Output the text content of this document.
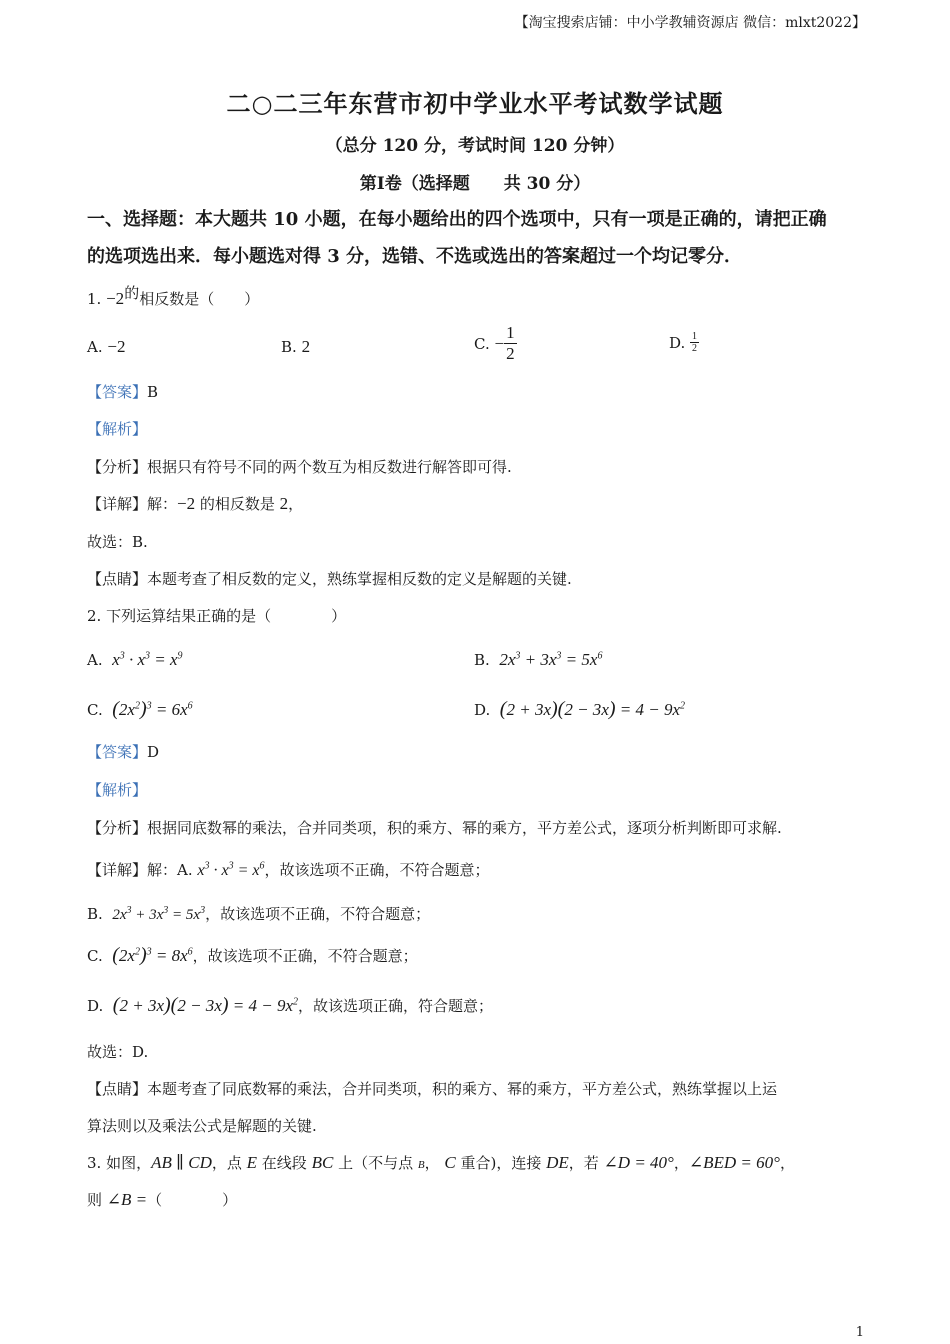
【淘宝搜索店铺：中小学教辅资源店 微信：mlxt2022】
二○二三年东营市初中学业水平考试数学试题
（总分 120 分，考试时间 120 分钟）
第Ⅰ卷（选择题　　共 30 分）
一、选择题：本大题共 10 小题，在每小题给出的四个选项中，只有一项是正确的，请把正确
的选项选出来．每小题选对得 3 分，选错、不选或选出的答案超过一个均记零分．
1. −2的相反数是（　　）
A. −2	B. 2	C.
− $\frac{1}{2}$	D.
$\frac{1}{2}$
【答案】B
【解析】
【分析】根据只有符号不同的两个数互为相反数进行解答即可得.
【详解】解：−2 的相反数是 2，
故选：B.
【点睛】本题考查了相反数的定义，熟练掌握相反数的定义是解题的关键.
2. 下列运算结果正确的是（　　　　）
A.  $x^3 \cdot x^3 = x^9$	B.  $2x^3 + 3x^3 = 5x^6$
C.  $(2x^2)^3 = 6x^6$	D.  $(2 + 3x)(2 - 3x) = 4 - 9x^2$
【答案】D
【解析】
【分析】根据同底数幂的乘法，合并同类项，积的乘方、幂的乘方，平方差公式，逐项分析判断即可求解.
【详解】解：A. $x^3 \cdot x^3 = x^6$，故该选项不正确，不符合题意；
B.  $2x^3 + 3x^3 = 5x^3$，故该选项不正确，不符合题意；
C.  $(2x^2)^3 = 8x^6$，故该选项不正确，不符合题意；
D.  $(2 + 3x)(2 - 3x) = 4 - 9x^2$，故该选项正确，符合题意；
故选：D.
【点睛】本题考查了同底数幂的乘法，合并同类项，积的乘方、幂的乘方，平方差公式，熟练掌握以上运
算法则以及乘法公式是解题的关键.
3. 如图，AB ∥ CD，点 E 在线段 BC 上（不与点 B， C 重合)，连接 DE，若 ∠D = 40°，∠BED = 60°，
则 ∠B =（　　　　）
1
